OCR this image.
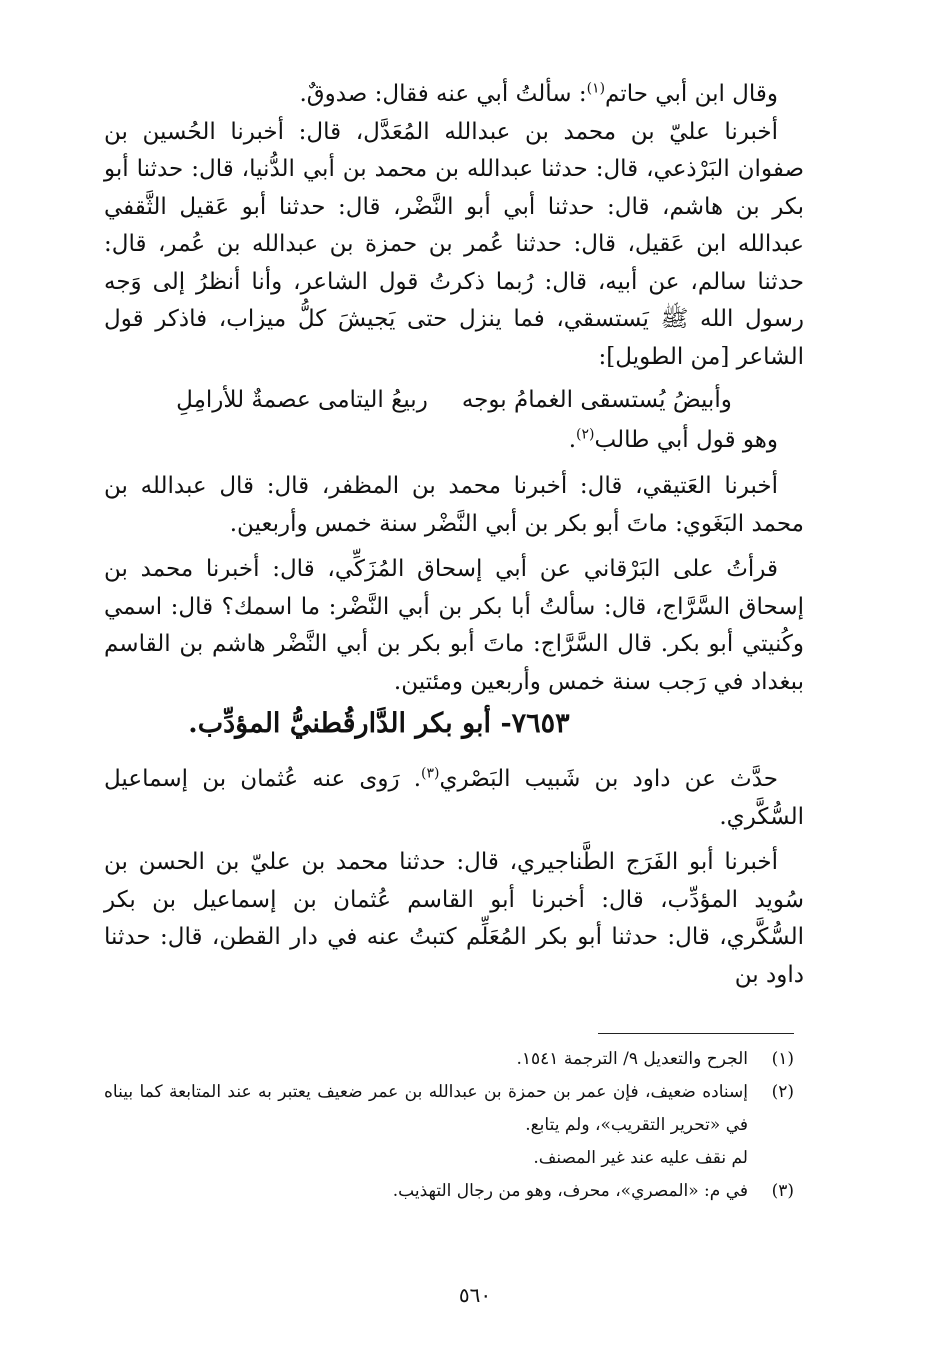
وقال ابن أبي حاتم$^{(١)}$: سألتُ أبي عنه فقال: صدوقٌ.

أخبرنا عليّ بن محمد بن عبدالله المُعَدَّل، قال: أخبرنا الحُسين بن صفوان البَرْذعي، قال: حدثنا عبدالله بن محمد بن أبي الدُّنيا، قال: حدثنا أبو بكر بن هاشم، قال: حدثنا أبي أبو النَّضْر، قال: حدثنا أبو عَقيل الثَّقفي عبدالله ابن عَقيل، قال: حدثنا عُمر بن حمزة بن عبدالله بن عُمر، قال: حدثنا سالم، عن أبيه، قال: رُبما ذكرتُ قول الشاعر، وأنا أنظرُ إلى وَجه رسول الله ﷺ يَستسقي، فما ينزل حتى يَجيشَ كلُّ ميزاب، فاذكر قول الشاعر [من الطويل]:

وأبيضُ يُستسقى الغمامُ بوجه
ربيعُ اليتامى عصمةٌ للأرامِلِ

وهو قول أبي طالب$^{(٢)}$.

أخبرنا العَتيقي، قال: أخبرنا محمد بن المظفر، قال: قال عبدالله بن محمد البَغَوي: ماتَ أبو بكر بن أبي النَّضْر سنة خمس وأربعين.

قرأتُ على البَرْقاني عن أبي إسحاق المُزَكِّي، قال: أخبرنا محمد بن إسحاق السَّرَّاج، قال: سألتُ أبا بكر بن أبي النَّضْر: ما اسمك؟ قال: اسمي وكُنيتي أبو بكر. قال السَّرَّاج: ماتَ أبو بكر بن أبي النَّضْر هاشم بن القاسم ببغداد في رَجب سنة خمس وأربعين ومئتين.

٧٦٥٣- أبو بكر الدَّارقُطنيُّ المؤدِّب.

حدَّث عن داود بن شَبيب البَصْري$^{(٣)}$. رَوى عنه عُثمان بن إسماعيل السُّكَّري.

أخبرنا أبو الفَرَج الطَّناجيري، قال: حدثنا محمد بن عليّ بن الحسن بن سُويد المؤدِّب، قال: أخبرنا أبو القاسم عُثمان بن إسماعيل بن بكر السُّكَّري، قال: حدثنا أبو بكر المُعَلِّم كتبتُ عنه في دار القطن، قال: حدثنا داود بن

(١)
الجرح والتعديل ٩/ الترجمة ١٥٤١.
(٢)
إسناده ضعيف، فإن عمر بن حمزة بن عبدالله بن عمر ضعيف يعتبر به عند المتابعة كما بيناه في «تحرير التقريب»، ولم يتابع.
لم نقف عليه عند غير المصنف.
(٣)
في م: «المصري»، محرف، وهو من رجال التهذيب.
٥٦٠
